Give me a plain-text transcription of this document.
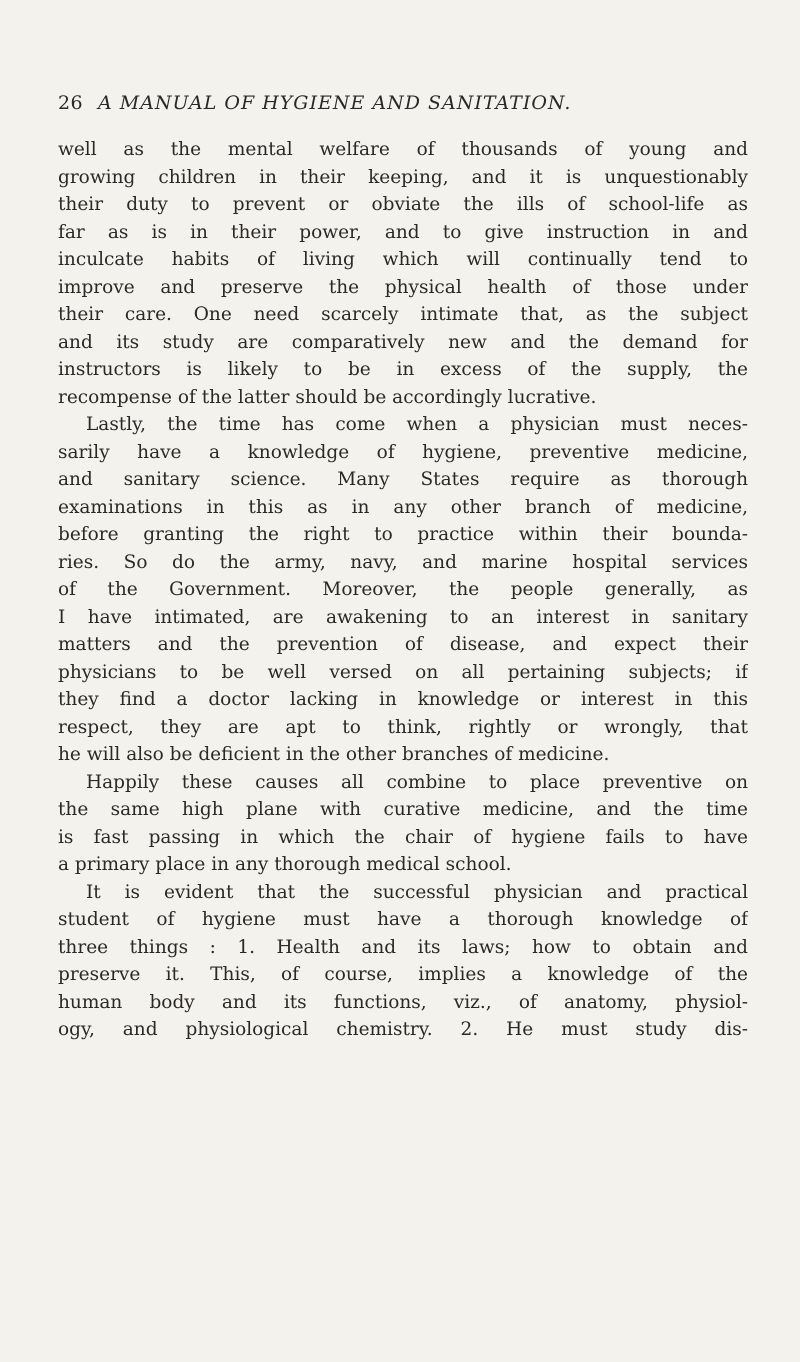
26 A MANUAL OF HYGIENE AND SANITATION.
well as the mental welfare of thousands of young and
growing children in their keeping, and it is unquestionably
their duty to prevent or obviate the ills of school-life as
far as is in their power, and to give instruction in and
inculcate habits of living which will continually tend to
improve and preserve the physical health of those under
their care. One need scarcely intimate that, as the subject
and its study are comparatively new and the demand for
instructors is likely to be in excess of the supply, the
recompense of the latter should be accordingly lucrative.
Lastly, the time has come when a physician must neces-
sarily have a knowledge of hygiene, preventive medicine,
and sanitary science. Many States require as thorough
examinations in this as in any other branch of medicine,
before granting the right to practice within their bounda-
ries. So do the army, navy, and marine hospital services
of the Government. Moreover, the people generally, as
I have intimated, are awakening to an interest in sanitary
matters and the prevention of disease, and expect their
physicians to be well versed on all pertaining subjects; if
they find a doctor lacking in knowledge or interest in this
respect, they are apt to think, rightly or wrongly, that
he will also be deficient in the other branches of medicine.
Happily these causes all combine to place preventive on
the same high plane with curative medicine, and the time
is fast passing in which the chair of hygiene fails to have
a primary place in any thorough medical school.
It is evident that the successful physician and practical
student of hygiene must have a thorough knowledge of
three things : 1. Health and its laws; how to obtain and
preserve it. This, of course, implies a knowledge of the
human body and its functions, viz., of anatomy, physiol-
ogy, and physiological chemistry. 2. He must study dis-
